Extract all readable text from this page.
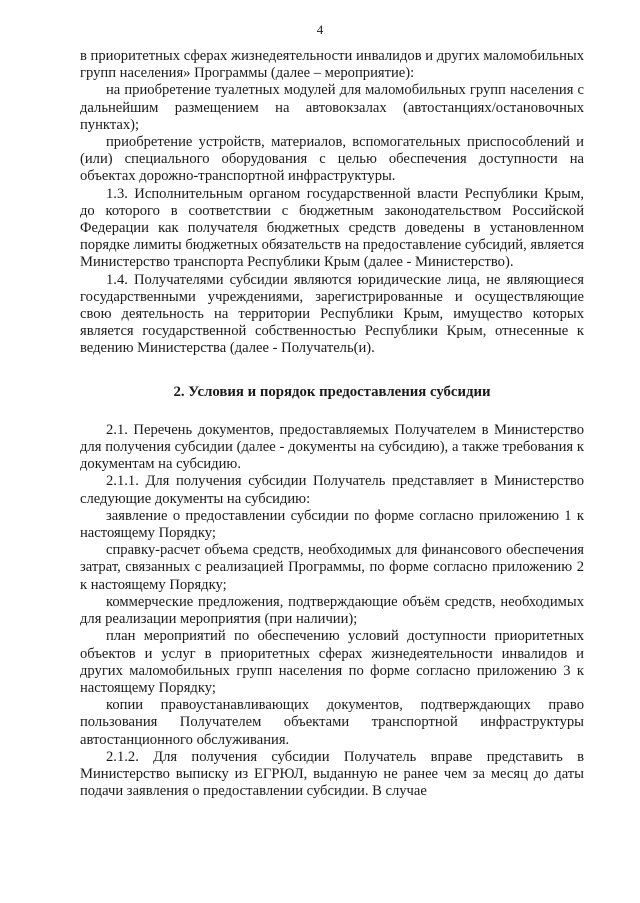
4

в приоритетных сферах жизнедеятельности инвалидов и других маломобильных групп населения» Программы (далее – мероприятие):

на приобретение туалетных модулей для маломобильных групп населения с дальнейшим размещением на автовокзалах (автостанциях/остановочных пунктах);

приобретение устройств, материалов, вспомогательных приспособлений и (или) специального оборудования с целью обеспечения доступности на объектах дорожно-транспортной инфраструктуры.

1.3. Исполнительным органом государственной власти Республики Крым, до которого в соответствии с бюджетным законодательством Российской Федерации как получателя бюджетных средств доведены в установленном порядке лимиты бюджетных обязательств на предоставление субсидий, является Министерство транспорта Республики Крым (далее - Министерство).

1.4. Получателями субсидии являются юридические лица, не являющиеся государственными учреждениями, зарегистрированные и осуществляющие свою деятельность на территории Республики Крым, имущество которых является государственной собственностью Республики Крым, отнесенные к ведению Министерства (далее - Получатель(и).

2. Условия и порядок предоставления субсидии

2.1. Перечень документов, предоставляемых Получателем в Министерство для получения субсидии (далее - документы на субсидию), а также требования к документам на субсидию.

2.1.1. Для получения субсидии Получатель представляет в Министерство следующие документы на субсидию:

заявление о предоставлении субсидии по форме согласно приложению 1 к настоящему Порядку;

справку-расчет объема средств, необходимых для финансового обеспечения затрат, связанных с реализацией Программы, по форме согласно приложению 2 к настоящему Порядку;

коммерческие предложения, подтверждающие объём средств, необходимых для реализации мероприятия (при наличии);

план мероприятий по обеспечению условий доступности приоритетных объектов и услуг в приоритетных сферах жизнедеятельности инвалидов и других маломобильных групп населения по форме согласно приложению 3 к настоящему Порядку;

копии правоустанавливающих документов, подтверждающих право пользования Получателем объектами транспортной инфраструктуры автостанционного обслуживания.

2.1.2. Для получения субсидии Получатель вправе представить в Министерство выписку из ЕГРЮЛ, выданную не ранее чем за месяц до даты подачи заявления о предоставлении субсидии. В случае
